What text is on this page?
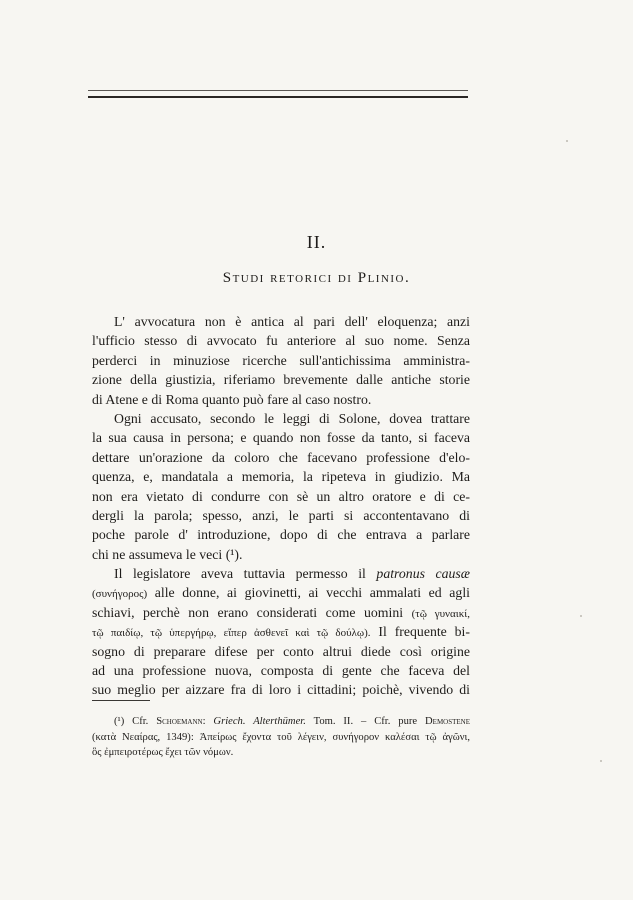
II.
Studi retorici di Plinio.
L' avvocatura non è antica al pari dell' eloquenza; anzi
l'ufficio stesso di avvocato fu anteriore al suo nome. Senza
perderci in minuziose ricerche sull'antichissima amministra-
zione della giustizia, riferiamo brevemente dalle antiche storie
di Atene e di Roma quanto può fare al caso nostro.
Ogni accusato, secondo le leggi di Solone, dovea trattare
la sua causa in persona; e quando non fosse da tanto, si faceva
dettare un'orazione da coloro che facevano professione d'elo-
quenza, e, mandatala a memoria, la ripeteva in giudizio. Ma
non era vietato di condurre con sè un altro oratore e di ce-
dergli la parola; spesso, anzi, le parti si accontentavano di
poche parole d' introduzione, dopo di che entrava a parlare
chi ne assumeva le veci (¹).
Il legislatore aveva tuttavia permesso il patronus causæ
(συνήγορος) alle donne, ai giovinetti, ai vecchi ammalati ed agli
schiavi, perchè non erano considerati come uomini (τῷ γυναικί,
τῷ παιδίῳ, τῷ ὑπεργήρῳ, εἴπερ ἀσθενεῖ καὶ τῷ δούλῳ). Il frequente bi-
sogno di preparare difese per conto altrui diede così origine
ad una professione nuova, composta di gente che faceva del
suo meglio per aizzare fra di loro i cittadini; poichè, vivendo di
(¹) Cfr. Schoemann: Griech. Alterthümer. Tom. II. – Cfr. pure Demostene
(κατὰ Νεαίρας, 1349): Ἀπείρως ἔχοντα τοῦ λέγειν, συνήγορον καλέσαι τῷ ἀγῶνι,
ὃς ἐμπειροτέρως ἔχει τῶν νόμων.
